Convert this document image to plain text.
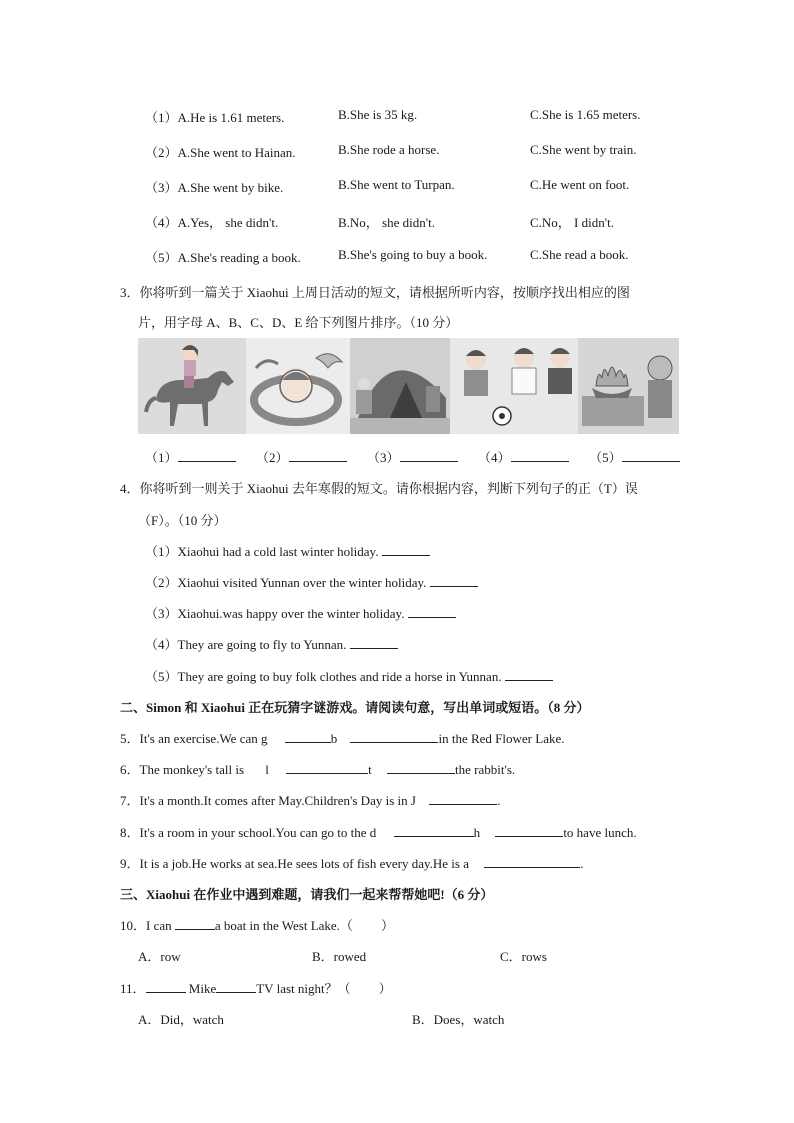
（1）A.He is 1.61 meters.	B.She is 35 kg.	C.She is 1.65 meters.
（2）A.She went to Hainan.	B.She rode a horse.	C.She went by train.
（3）A.She went by bike.	B.She went to Turpan.	C.He went on foot.
（4）A.Yes， she didn't.	B.No， she didn't.	C.No， I didn't.
（5）A.She's reading a book.	B.She's going to buy a book.	C.She read a book.
3．你将听到一篇关于 Xiaohui 上周日活动的短文，请根据所听内容，按顺序找出相应的图
片，用字母 A、B、C、D、E 给下列图片排序。（10 分）
（1）	（2）	（3）	（4）	（5）
4．你将听到一则关于 Xiaohui 去年寒假的短文。请你根据内容，判断下列句子的正（T）误
（F）。（10 分）
（1）Xiaohui had a cold last winter holiday.
（2）Xiaohui visited Yunnan over the winter holiday.
（3）Xiaohui.was happy over the winter holiday.
（4）They are going to fly to Yunnan.
（5）They are going to buy folk clothes and ride a horse in Yunnan.
二、Simon 和 Xiaohui 正在玩猜字谜游戏。请阅读句意，写出单词或短语。（8 分）
5．It's an exercise.We can g	b	in the Red Flower Lake.
6．The monkey's tall is l	t	the rabbit's.
7．It's a month.It comes after May.Children's Day is in J	.
8．It's a room in your school.You can go to the d	h	to have lunch.
9．It is a job.He works at sea.He sees lots of fish every day.He is a	.
三、Xiaohui 在作业中遇到难题，请我们一起来帮帮她吧!（6 分）
10．I can	a boat in the West Lake.（ ）
A．row	B．rowed	C．rows
11．	Mike	TV last night？（ ）
A．Did，watch	B．Does，watch
